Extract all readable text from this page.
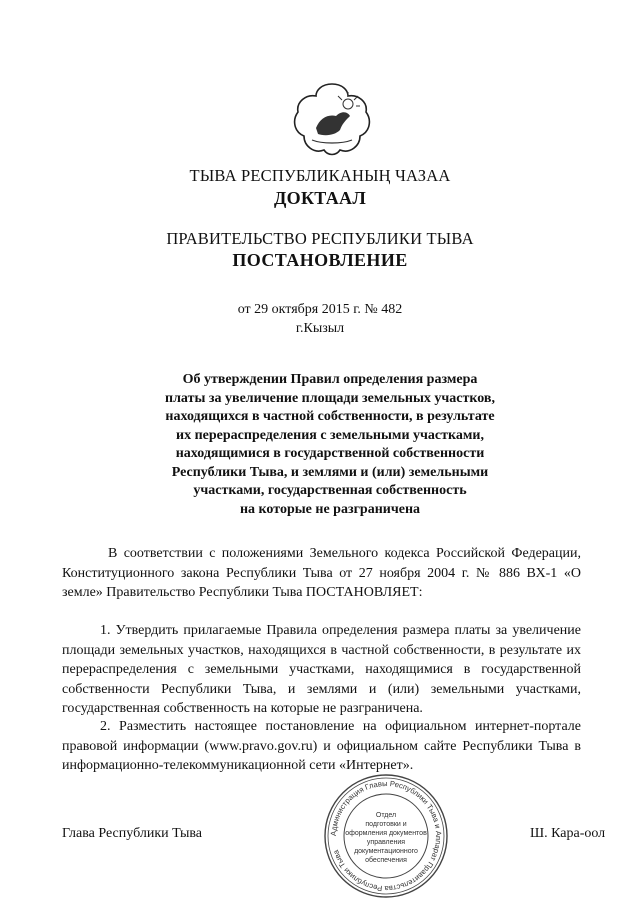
ТЫВА РЕСПУБЛИКАНЫҢ ЧАЗАА
ДОКТААЛ
ПРАВИТЕЛЬСТВО РЕСПУБЛИКИ ТЫВА
ПОСТАНОВЛЕНИЕ
от 29 октября 2015 г. № 482
г.Кызыл
Об утверждении Правил определения размера
платы за увеличение площади земельных участков,
находящихся в частной собственности, в результате
их перераспределения с земельными участками,
находящимися в государственной собственности
Республики Тыва, и землями и (или) земельными
участками, государственная собственность
на которые не разграничена
В соответствии с положениями Земельного кодекса Российской Федерации, Конституционного закона Республики Тыва от 27 ноября 2004 г. № 886 ВХ-1 «О земле» Правительство Республики Тыва ПОСТАНОВЛЯЕТ:
1. Утвердить прилагаемые Правила определения размера платы за увеличение площади земельных участков, находящихся в частной собственности, в результате их перераспределения с земельными участками, находящимися в государственной собственности Республики Тыва, и землями и (или) земельными участками, государственная собственность на которые не разграничена.
2. Разместить настоящее постановление на официальном интернет-портале правовой информации (www.pravo.gov.ru) и официальном сайте Республики Тыва в информационно-телекоммуникационной сети «Интернет».
Глава Республики Тыва	Ш. Кара-оол
Администрация Главы Республики Тыва и Аппарат Правительства Республики Тыва
Отдел
подготовки и
оформления документов
управления
документационного
обеспечения
